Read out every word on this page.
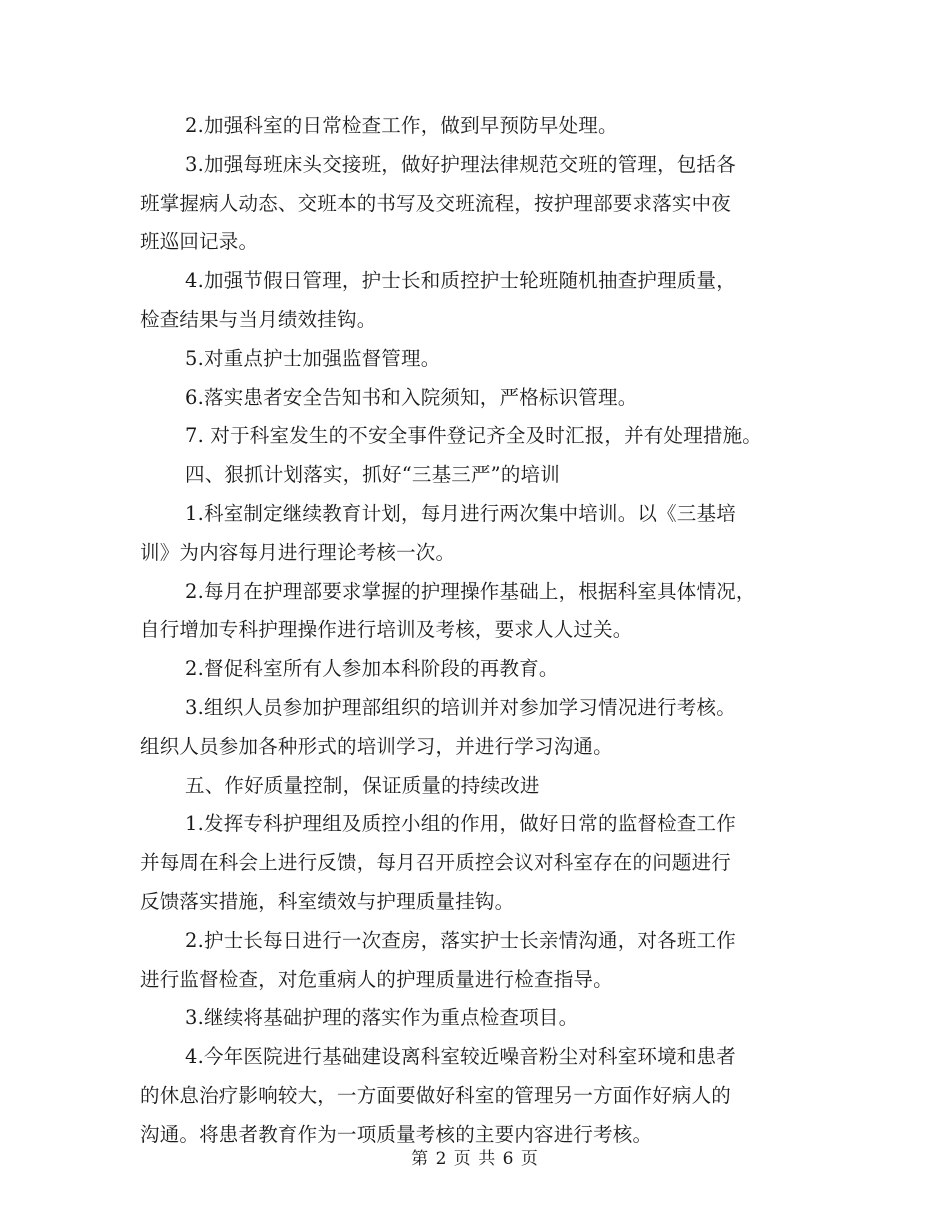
2.加强科室的日常检查工作，做到早预防早处理。
3.加强每班床头交接班，做好护理法律规范交班的管理，包括各
班掌握病人动态、交班本的书写及交班流程，按护理部要求落实中夜
班巡回记录。
4.加强节假日管理，护士长和质控护士轮班随机抽查护理质量，
检查结果与当月绩效挂钩。
5.对重点护士加强监督管理。
6.落实患者安全告知书和入院须知，严格标识管理。
7. 对于科室发生的不安全事件登记齐全及时汇报，并有处理措施。
四、狠抓计划落实，抓好“三基三严”的培训
1.科室制定继续教育计划，每月进行两次集中培训。以《三基培
训》为内容每月进行理论考核一次。
2.每月在护理部要求掌握的护理操作基础上，根据科室具体情况，
自行增加专科护理操作进行培训及考核，要求人人过关。
2.督促科室所有人参加本科阶段的再教育。
3.组织人员参加护理部组织的培训并对参加学习情况进行考核。
组织人员参加各种形式的培训学习，并进行学习沟通。
五、作好质量控制，保证质量的持续改进
1.发挥专科护理组及质控小组的作用，做好日常的监督检查工作
并每周在科会上进行反馈，每月召开质控会议对科室存在的问题进行
反馈落实措施，科室绩效与护理质量挂钩。
2.护士长每日进行一次查房，落实护士长亲情沟通，对各班工作
进行监督检查，对危重病人的护理质量进行检查指导。
3.继续将基础护理的落实作为重点检查项目。
4.今年医院进行基础建设离科室较近噪音粉尘对科室环境和患者
的休息治疗影响较大，一方面要做好科室的管理另一方面作好病人的
沟通。将患者教育作为一项质量考核的主要内容进行考核。
第 2 页 共 6 页
